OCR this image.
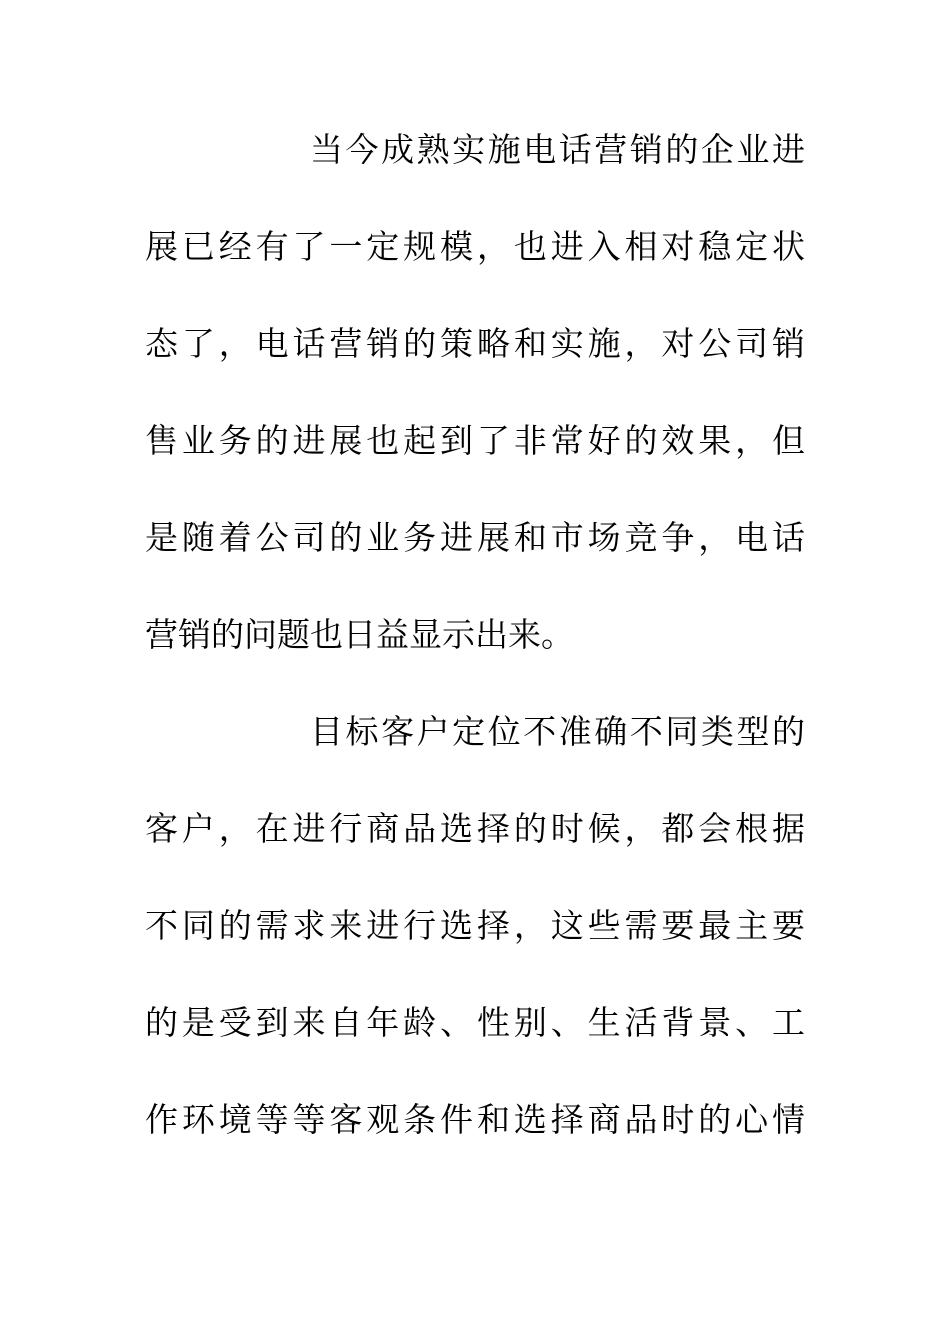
当今成熟实施电话营销的企业进
展已经有了一定规模，也进入相对稳定状
态了，电话营销的策略和实施，对公司销
售业务的进展也起到了非常好的效果，但
是随着公司的业务进展和市场竞争，电话
营销的问题也日益显示出来。
目标客户定位不准确不同类型的
客户，在进行商品选择的时候，都会根据
不同的需求来进行选择，这些需要最主要
的是受到来自年龄、性别、生活背景、工
作环境等等客观条件和选择商品时的心情
